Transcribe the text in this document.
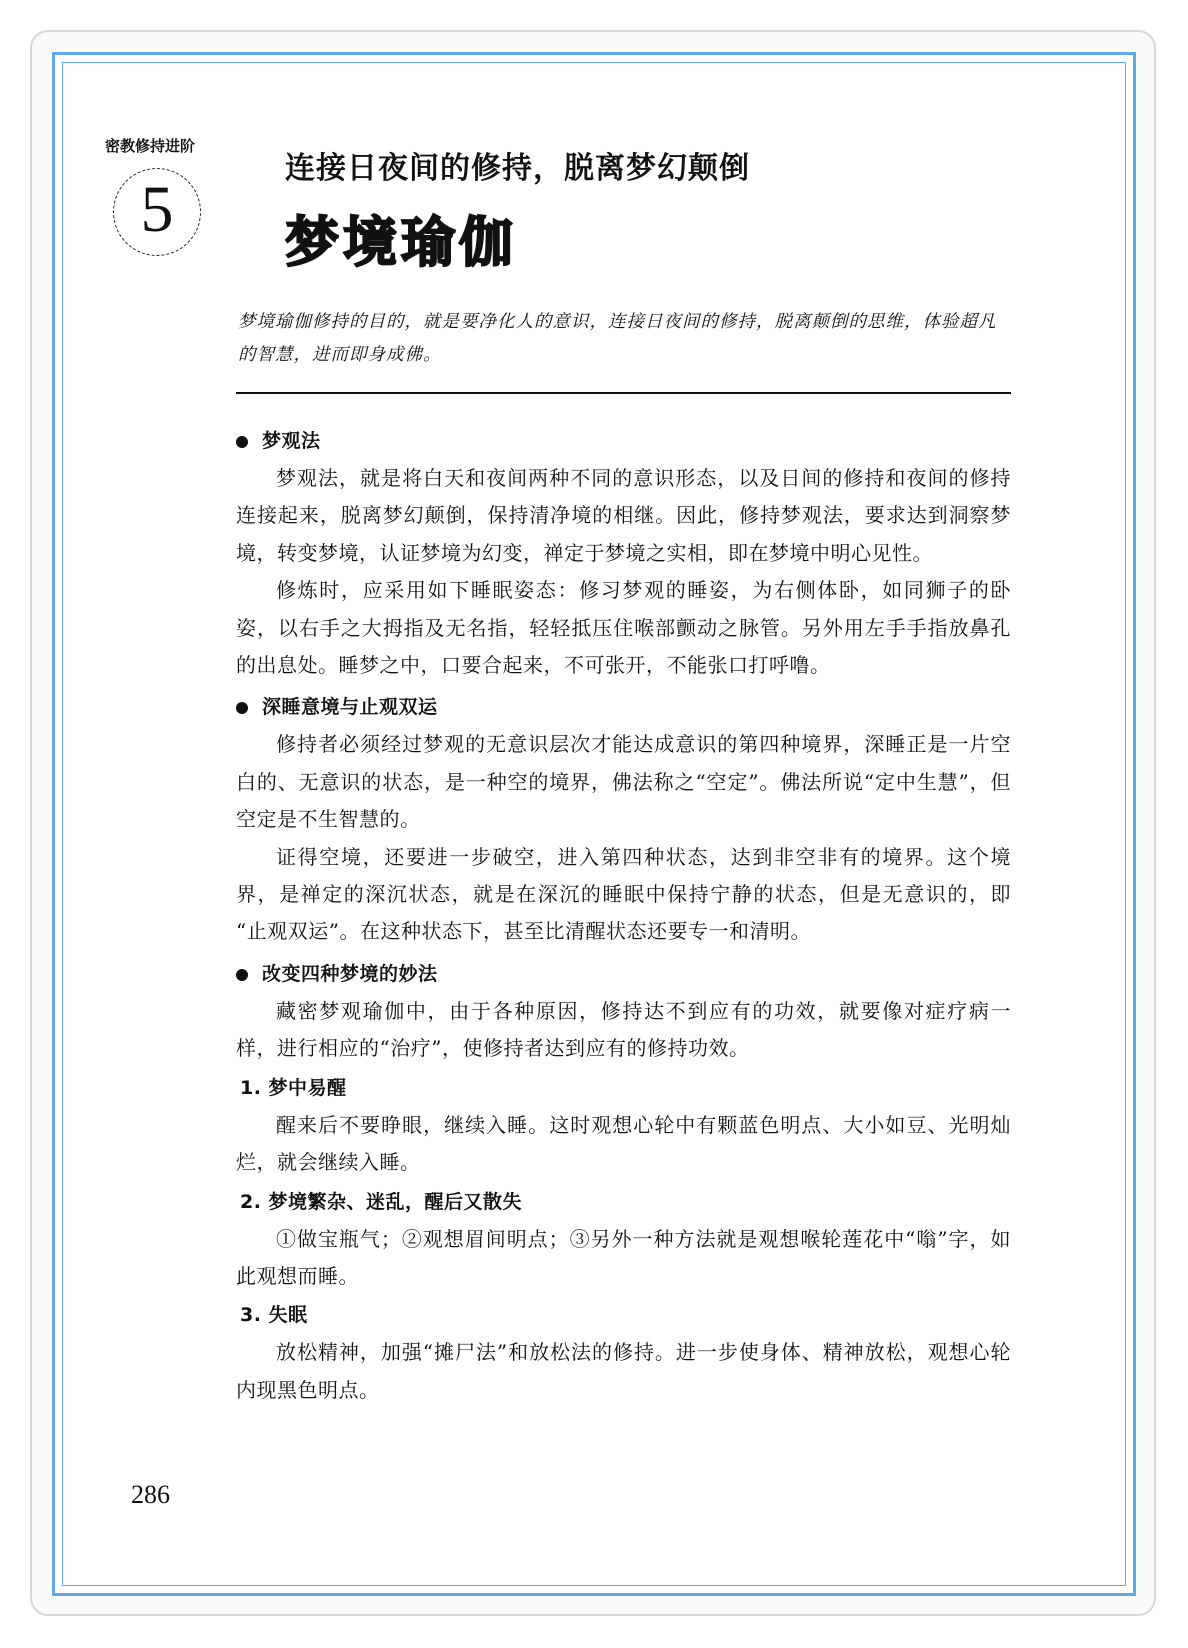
密教修持进阶
5
连接日夜间的修持，脱离梦幻颠倒
梦境瑜伽

梦境瑜伽修持的目的，就是要净化人的意识，连接日夜间的修持，脱离颠倒的思维，体验超凡的智慧，进而即身成佛。

梦观法

梦观法，就是将白天和夜间两种不同的意识形态，以及日间的修持和夜间的修持连接起来，脱离梦幻颠倒，保持清净境的相继。因此，修持梦观法，要求达到洞察梦境，转变梦境，认证梦境为幻变，禅定于梦境之实相，即在梦境中明心见性。

修炼时，应采用如下睡眠姿态：修习梦观的睡姿，为右侧体卧，如同狮子的卧姿，以右手之大拇指及无名指，轻轻抵压住喉部颤动之脉管。另外用左手手指放鼻孔的出息处。睡梦之中，口要合起来，不可张开，不能张口打呼噜。

深睡意境与止观双运

修持者必须经过梦观的无意识层次才能达成意识的第四种境界，深睡正是一片空白的、无意识的状态，是一种空的境界，佛法称之“空定”。佛法所说“定中生慧”，但空定是不生智慧的。

证得空境，还要进一步破空，进入第四种状态，达到非空非有的境界。这个境界，是禅定的深沉状态，就是在深沉的睡眠中保持宁静的状态，但是无意识的，即 “止观双运”。在这种状态下，甚至比清醒状态还要专一和清明。

改变四种梦境的妙法

藏密梦观瑜伽中，由于各种原因，修持达不到应有的功效，就要像对症疗病一样，进行相应的“治疗”，使修持者达到应有的修持功效。

1. 梦中易醒

醒来后不要睁眼，继续入睡。这时观想心轮中有颗蓝色明点、大小如豆、光明灿烂，就会继续入睡。

2. 梦境繁杂、迷乱，醒后又散失

①做宝瓶气；②观想眉间明点；③另外一种方法就是观想喉轮莲花中“嗡”字，如此观想而睡。

3. 失眠

放松精神，加强“摊尸法”和放松法的修持。进一步使身体、精神放松，观想心轮内现黑色明点。

286
